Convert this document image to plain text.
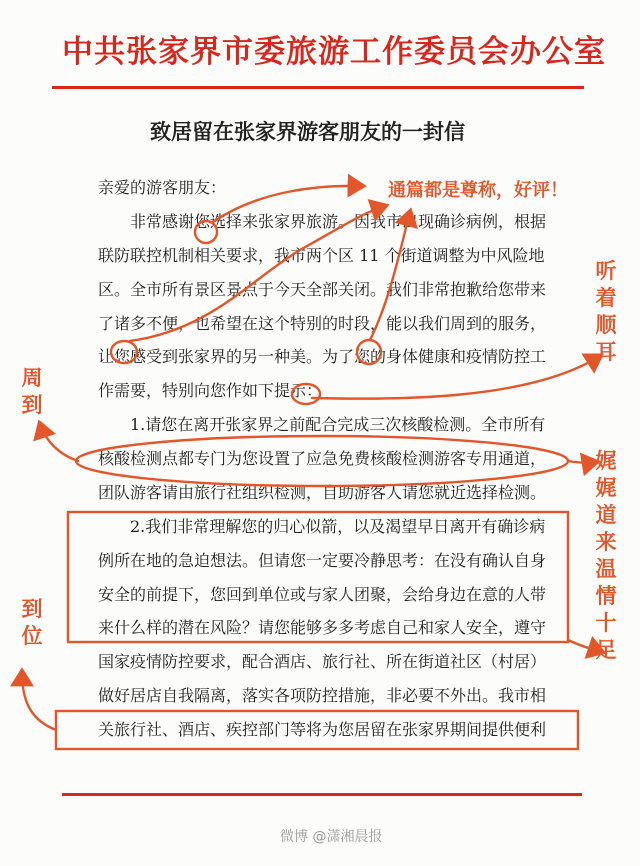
中共张家界市委旅游工作委员会办公室
致居留在张家界游客朋友的一封信
亲爱的游客朋友：
　　非常感谢您选择来张家界旅游。因我市出现确诊病例，根据
联防联控机制相关要求，我市两个区 11 个街道调整为中风险地
区。全市所有景区景点于今天全部关闭。我们非常抱歉给您带来
了诸多不便，也希望在这个特别的时段，能以我们周到的服务，
让您感受到张家界的另一种美。为了您的身体健康和疫情防控工
作需要，特别向您作如下提示：
　　1.请您在离开张家界之前配合完成三次核酸检测。全市所有
核酸检测点都专门为您设置了应急免费核酸检测游客专用通道，
团队游客请由旅行社组织检测，自助游客人请您就近选择检测。
　　2.我们非常理解您的归心似箭，以及渴望早日离开有确诊病
例所在地的急迫想法。但请您一定要冷静思考：在没有确认自身
安全的前提下，您回到单位或与家人团聚，会给身边在意的人带
来什么样的潜在风险？请您能够多多考虑自己和家人安全，遵守
国家疫情防控要求，配合酒店、旅行社、所在街道社区（村居）
做好居店自我隔离，落实各项防控措施，非必要不外出。我市相
关旅行社、酒店、疾控部门等将为您居留在张家界期间提供便利
通篇都是尊称，好评！
听着顺耳
周到
娓娓道来温情十足
到位
微博 @潇湘晨报
